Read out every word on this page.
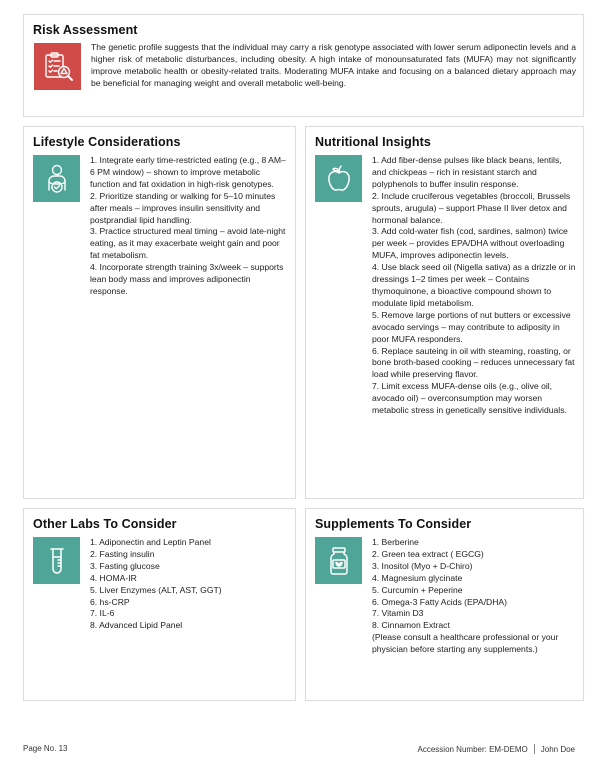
Risk Assessment

The genetic profile suggests that the individual may carry a risk genotype associated with lower serum adiponectin levels and a higher risk of metabolic disturbances, including obesity. A high intake of monounsaturated fats (MUFA) may not significantly improve metabolic health or obesity-related traits. Moderating MUFA intake and focusing on a balanced dietary approach may be beneficial for managing weight and overall metabolic well-being.

Lifestyle Considerations

1. Integrate early time-restricted eating (e.g., 8 AM–6 PM window) – shown to improve metabolic function and fat oxidation in high-risk genotypes.

2. Prioritize standing or walking for 5–10 minutes after meals – improves insulin sensitivity and postprandial lipid handling.

3. Practice structured meal timing – avoid late-night eating, as it may exacerbate weight gain and poor fat metabolism.

4. Incorporate strength training 3x/week – supports lean body mass and improves adiponectin response.

Nutritional Insights

1. Add fiber-dense pulses like black beans, lentils, and chickpeas – rich in resistant starch and polyphenols to buffer insulin response.

2. Include cruciferous vegetables (broccoli, Brussels sprouts, arugula) – support Phase II liver detox and hormonal balance.

3. Add cold-water fish (cod, sardines, salmon) twice per week – provides EPA/DHA without overloading MUFA, improves adiponectin levels.

4. Use black seed oil (Nigella sativa) as a drizzle or in dressings 1–2 times per week – Contains thymoquinone, a bioactive compound shown to modulate lipid metabolism.

5. Remove large portions of nut butters or excessive avocado servings – may contribute to adiposity in poor MUFA responders.

6. Replace sauteing in oil with steaming, roasting, or bone broth-based cooking – reduces unnecessary fat load while preserving flavor.

7. Limit excess MUFA-dense oils (e.g., olive oil, avocado oil) – overconsumption may worsen metabolic stress in genetically sensitive individuals.

Other Labs To Consider

1. Adiponectin and Leptin Panel

2. Fasting insulin

3. Fasting glucose

4. HOMA-IR

5. Liver Enzymes (ALT, AST, GGT)

6. hs-CRP

7. IL-6

8. Advanced Lipid Panel

Supplements To Consider

1. Berberine

2. Green tea extract ( EGCG)

3. Inositol (Myo + D-Chiro)

4. Magnesium glycinate

5. Curcumin + Peperine

6. Omega-3 Fatty Acids (EPA/DHA)

7. Vitamin D3

8. Cinnamon Extract

(Please consult a healthcare professional or your physician before starting any supplements.)

Page No. 13	Accession Number: EM-DEMO John Doe
